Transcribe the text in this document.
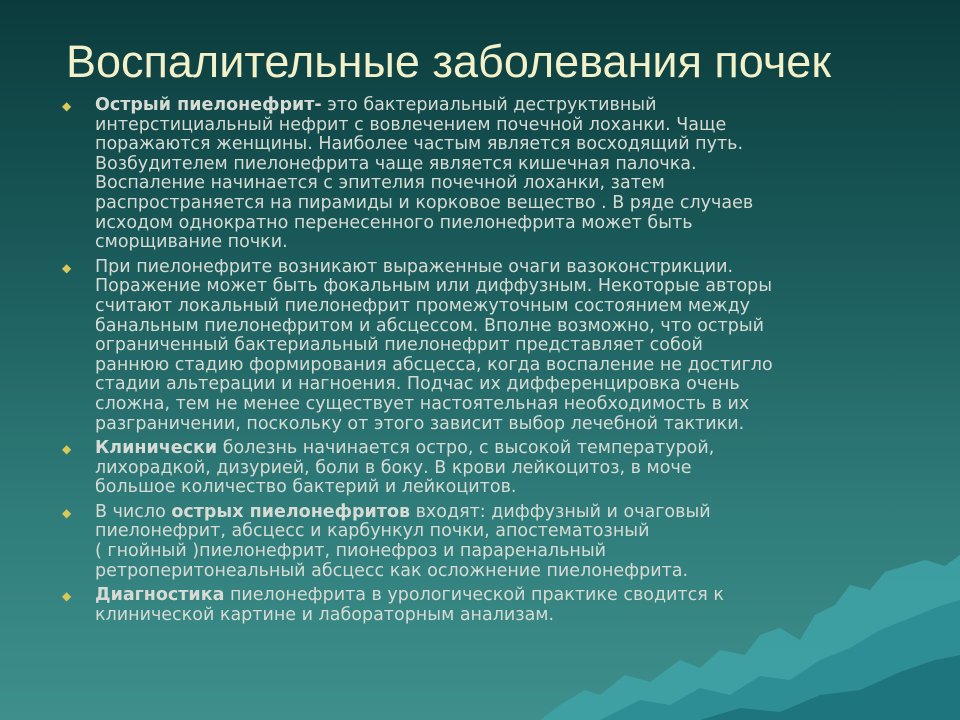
Воспалительные заболевания почек
◆ Острый пиелонефрит- это бактериальный деструктивный
интерстициальный нефрит с вовлечением почечной лоханки. Чаще
поражаются женщины. Наиболее частым является восходящий путь.
Возбудителем пиелонефрита чаще является кишечная палочка.
Воспаление начинается с эпителия почечной лоханки, затем
распространяется на пирамиды и корковое вещество . В ряде случаев
исходом однократно перенесенного пиелонефрита может быть
сморщивание почки.
◆ При пиелонефрите возникают выраженные очаги вазоконстрикции.
Поражение может быть фокальным или диффузным. Некоторые авторы
считают локальный пиелонефрит промежуточным состоянием между
банальным пиелонефритом и абсцессом. Вполне возможно, что острый
ограниченный бактериальный пиелонефрит представляет собой
раннюю стадию формирования абсцесса, когда воспаление не достигло
стадии альтерации и нагноения. Подчас их дифференцировка очень
сложна, тем не менее существует настоятельная необходимость в их
разграничении, поскольку от этого зависит выбор лечебной тактики.
◆ Клинически болезнь начинается остро, с высокой температурой,
лихорадкой, дизурией, боли в боку. В крови лейкоцитоз, в моче
большое количество бактерий и лейкоцитов.
◆ В число острых пиелонефритов входят: диффузный и очаговый
пиелонефрит, абсцесс и карбункул почки, апостематозный
( гнойный )пиелонефрит, пионефроз и параренальный
ретроперитонеальный абсцесс как осложнение пиелонефрита.
◆ Диагностика пиелонефрита в урологической практике сводится к
клинической картине и лабораторным анализам.
